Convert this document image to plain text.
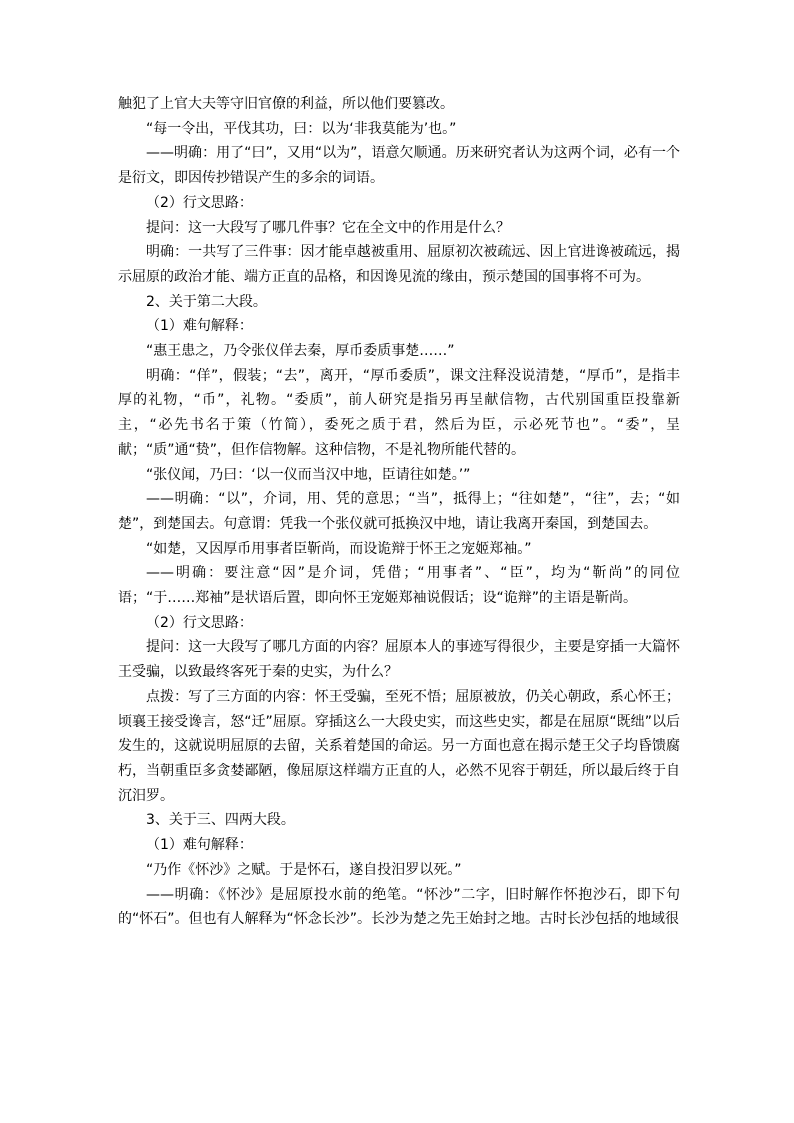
触犯了上官大夫等守旧官僚的利益，所以他们要篡改。

“每一令出，平伐其功，曰：以为‘非我莫能为’也。”

——明确：用了“曰”，又用“以为”，语意欠顺通。历来研究者认为这两个词，必有一个是衍文，即因传抄错误产生的多余的词语。

（2）行文思路：

提问：这一大段写了哪几件事？它在全文中的作用是什么？

明确：一共写了三件事：因才能卓越被重用、屈原初次被疏远、因上官进谗被疏远，揭示屈原的政治才能、端方正直的品格，和因谗见流的缘由，预示楚国的国事将不可为。

2、关于第二大段。

（1）难句解释：

“惠王患之，乃令张仪佯去秦，厚币委质事楚……”

明确：“佯”，假装；“去”，离开，“厚币委质”，课文注释没说清楚，“厚币”，是指丰厚的礼物，“币”，礼物。“委质”，前人研究是指另再呈献信物，古代别国重臣投靠新主，“必先书名于策（竹简），委死之质于君，然后为臣，示必死节也”。“委”，呈献；“质”通“贽”，但作信物解。这种信物，不是礼物所能代替的。

“张仪闻，乃曰：‘以一仪而当汉中地，臣请往如楚。’”

——明确：“以”，介词，用、凭的意思；“当”，抵得上；“往如楚”，“往”，去；“如楚”，到楚国去。句意谓：凭我一个张仪就可抵换汉中地，请让我离开秦国，到楚国去。

“如楚，又因厚币用事者臣靳尚，而设诡辩于怀王之宠姬郑袖。”

——明确：要注意“因”是介词，凭借；“用事者”、“臣”，均为“靳尚”的同位语；“于……郑袖”是状语后置，即向怀王宠姬郑袖说假话；设“诡辩”的主语是靳尚。

（2）行文思路：

提问：这一大段写了哪几方面的内容？屈原本人的事迹写得很少，主要是穿插一大篇怀王受骗，以致最终客死于秦的史实，为什么？

点拨：写了三方面的内容：怀王受骗，至死不悟；屈原被放，仍关心朝政，系心怀王；顷襄王接受谗言，怒“迁”屈原。穿插这么一大段史实，而这些史实，都是在屈原“既绌”以后发生的，这就说明屈原的去留，关系着楚国的命运。另一方面也意在揭示楚王父子均昏馈腐朽，当朝重臣多贪婪鄙陋，像屈原这样端方正直的人，必然不见容于朝廷，所以最后终于自沉汨罗。

3、关于三、四两大段。

（1）难句解释：

“乃作《怀沙》之赋。于是怀石，遂自投汨罗以死。”

——明确：《怀沙》是屈原投水前的绝笔。“怀沙”二字，旧时解作怀抱沙石，即下句的“怀石”。但也有人解释为“怀念长沙”。长沙为楚之先王始封之地。古时长沙包括的地域很
